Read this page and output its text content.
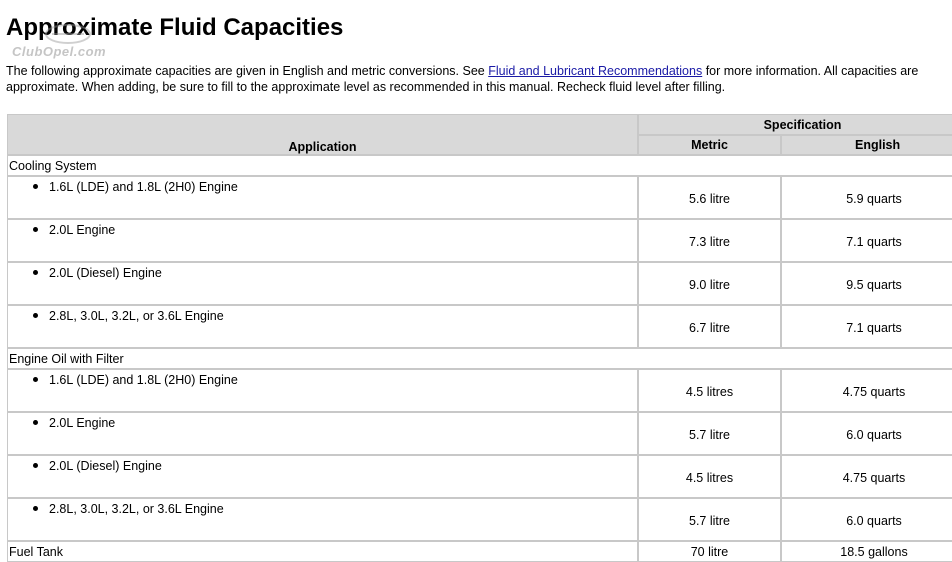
Approximate Fluid Capacities
ClubOpel.com

The following approximate capacities are given in English and metric conversions. See Fluid and Lubricant Recommendations for more information. All capacities are approximate. When adding, be sure to fill to the approximate level as recommended in this manual. Recheck fluid level after filling.

Application	Specification	
	Metric	English
Cooling System		
1.6L (LDE) and 1.8L (2H0) Engine	5.6 litre	5.9 quarts
2.0L Engine	7.3 litre	7.1 quarts
2.0L (Diesel) Engine	9.0 litre	9.5 quarts
2.8L, 3.0L, 3.2L, or 3.6L Engine	6.7 litre	7.1 quarts
Engine Oil with Filter		
1.6L (LDE) and 1.8L (2H0) Engine	4.5 litres	4.75 quarts
2.0L Engine	5.7 litre	6.0 quarts
2.0L (Diesel) Engine	4.5 litres	4.75 quarts
2.8L, 3.0L, 3.2L, or 3.6L Engine	5.7 litre	6.0 quarts
Fuel Tank	70 litre	18.5 gallons
